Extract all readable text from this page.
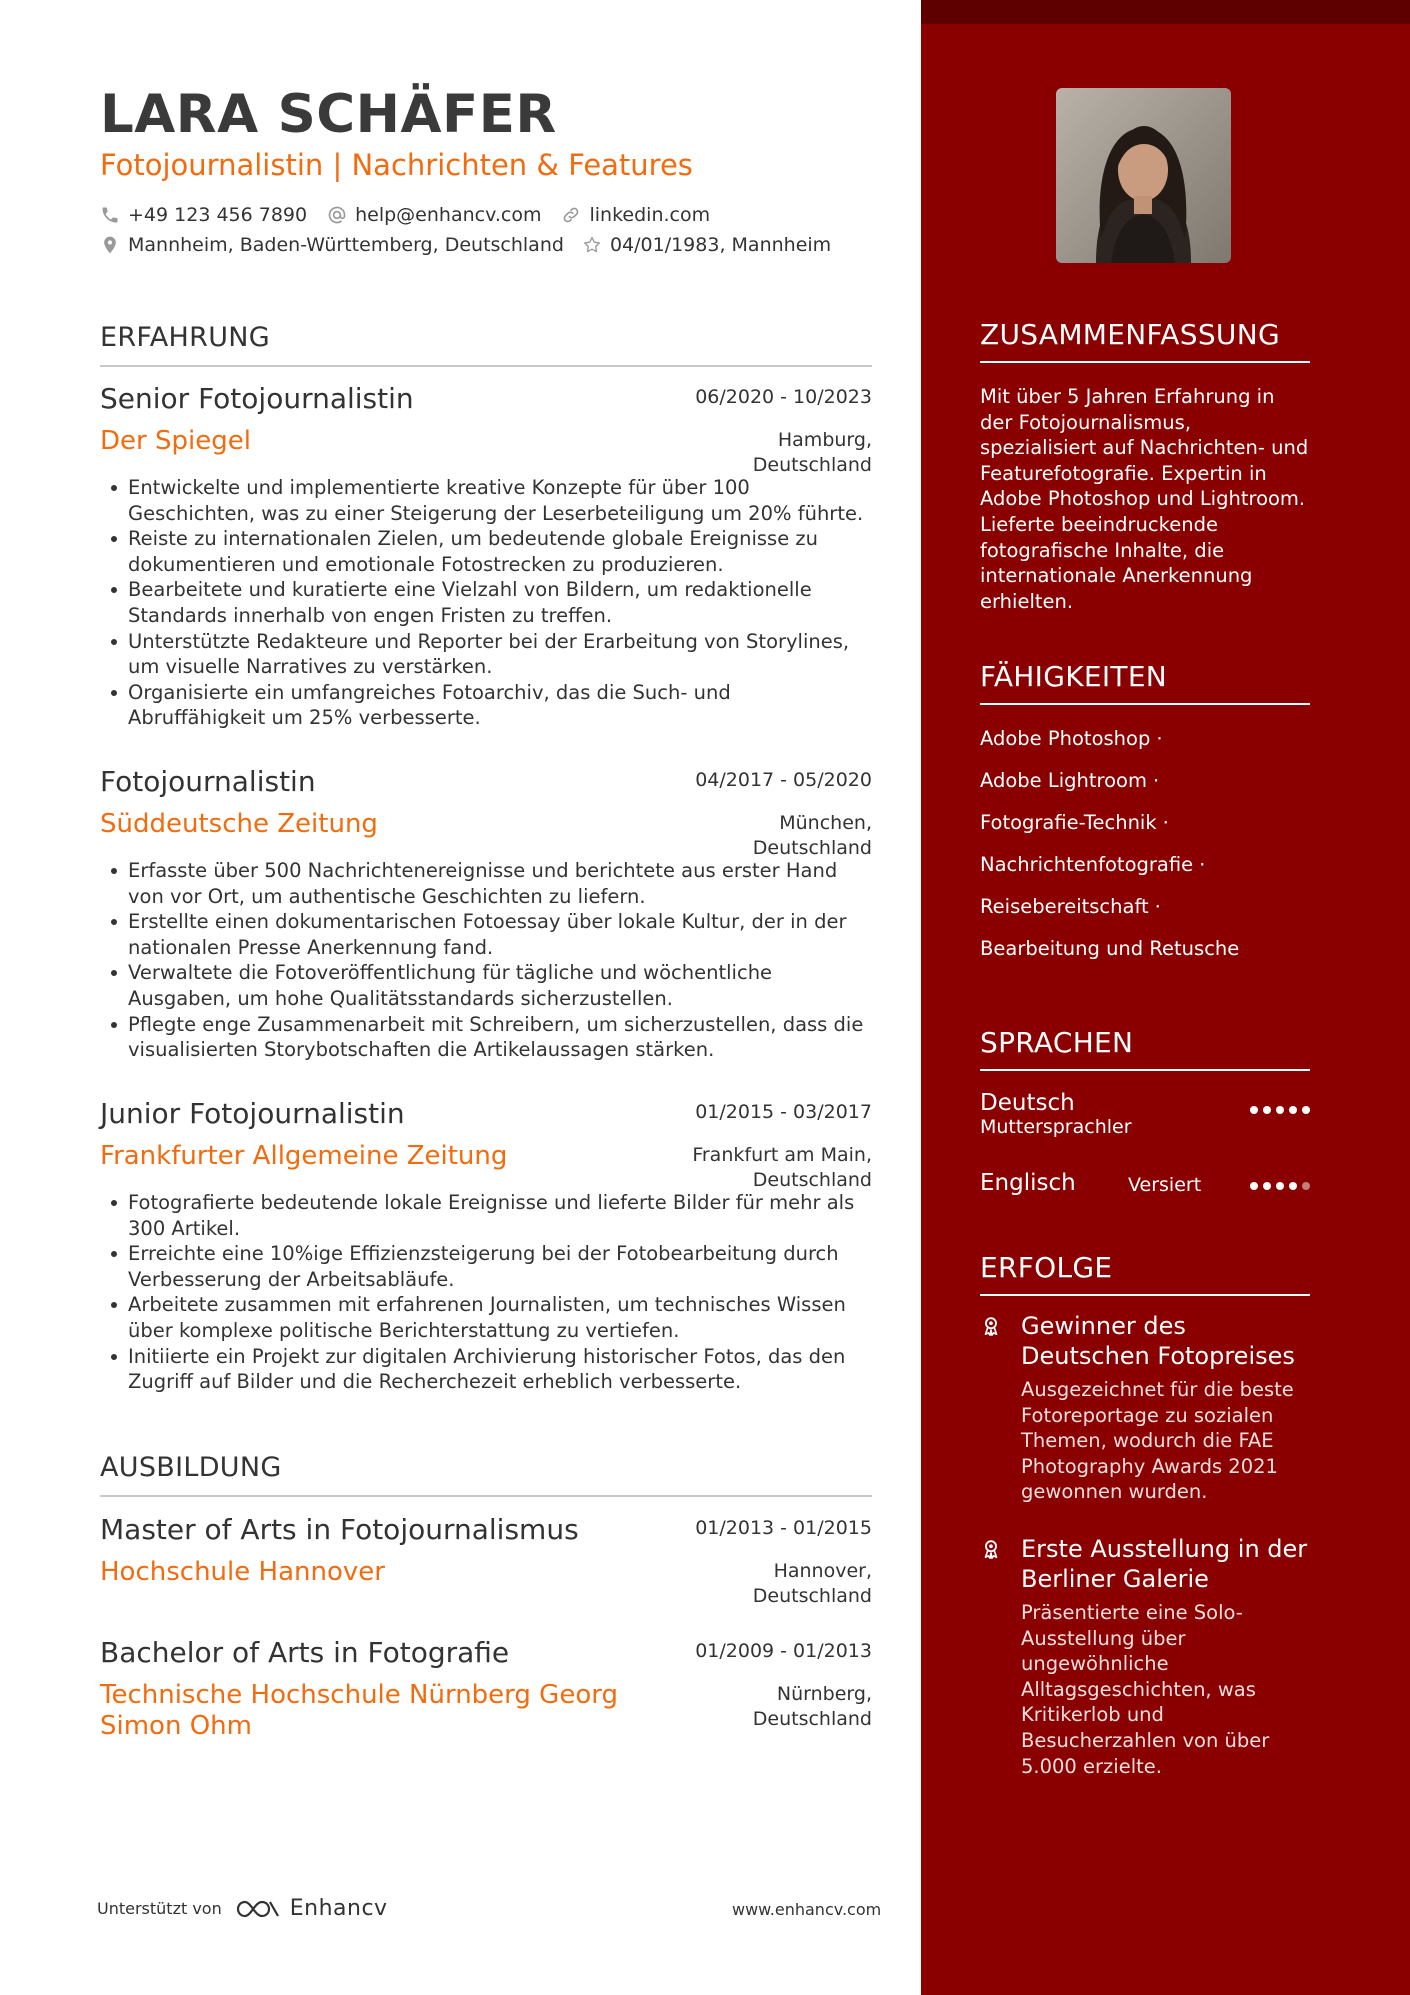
LARA SCHÄFER
Fotojournalistin | Nachrichten & Features
+49 123 456 7890	help@enhancv.com	linkedin.com
Mannheim, Baden-Württemberg, Deutschland 04/01/1983, Mannheim
ERFAHRUNG
Senior Fotojournalistin	06/2020 - 10/2023
Der Spiegel	Hamburg,
Deutschland
Entwickelte und implementierte kreative Konzepte für über 100 Geschichten, was zu einer Steigerung der Leserbeteiligung um 20% führte.
Reiste zu internationalen Zielen, um bedeutende globale Ereignisse zu dokumentieren und emotionale Fotostrecken zu produzieren.
Bearbeitete und kuratierte eine Vielzahl von Bildern, um redaktionelle Standards innerhalb von engen Fristen zu treffen.
Unterstützte Redakteure und Reporter bei der Erarbeitung von Storylines, um visuelle Narratives zu verstärken.
Organisierte ein umfangreiches Fotoarchiv, das die Such- und Abruffähigkeit um 25% verbesserte.
Fotojournalistin	04/2017 - 05/2020
Süddeutsche Zeitung	München,
Deutschland
Erfasste über 500 Nachrichtenereignisse und berichtete aus erster Hand von vor Ort, um authentische Geschichten zu liefern.
Erstellte einen dokumentarischen Fotoessay über lokale Kultur, der in der nationalen Presse Anerkennung fand.
Verwaltete die Fotoveröffentlichung für tägliche und wöchentliche Ausgaben, um hohe Qualitätsstandards sicherzustellen.
Pflegte enge Zusammenarbeit mit Schreibern, um sicherzustellen, dass die visualisierten Storybotschaften die Artikelaussagen stärken.
Junior Fotojournalistin	01/2015 - 03/2017
Frankfurter Allgemeine Zeitung	Frankfurt am Main,
Deutschland
Fotografierte bedeutende lokale Ereignisse und lieferte Bilder für mehr als 300 Artikel.
Erreichte eine 10%ige Effizienzsteigerung bei der Fotobearbeitung durch Verbesserung der Arbeitsabläufe.
Arbeitete zusammen mit erfahrenen Journalisten, um technisches Wissen über komplexe politische Berichterstattung zu vertiefen.
Initiierte ein Projekt zur digitalen Archivierung historischer Fotos, das den Zugriff auf Bilder und die Recherchezeit erheblich verbesserte.
AUSBILDUNG
Master of Arts in Fotojournalismus	01/2013 - 01/2015
Hochschule Hannover	Hannover,
Deutschland
Bachelor of Arts in Fotografie	01/2009 - 01/2013
Technische Hochschule Nürnberg Georg Simon Ohm
Nürnberg,
Deutschland
Unterstützt von	Enhancv	www.enhancv.com
ZUSAMMENFASSUNG
Mit über 5 Jahren Erfahrung in der Fotojournalismus, spezialisiert auf Nachrichten- und Featurefotografie. Expertin in Adobe Photoshop und Lightroom. Lieferte beeindruckende fotografische Inhalte, die internationale Anerkennung erhielten.
FÄHIGKEITEN
Adobe Photoshop ·
Adobe Lightroom ·
Fotografie-Technik ·
Nachrichtenfotografie ·
Reisebereitschaft ·
Bearbeitung und Retusche
SPRACHEN
Deutsch
Muttersprachler
Englisch	Versiert
ERFOLGE
Gewinner des Deutschen Fotopreises
Ausgezeichnet für die beste Fotoreportage zu sozialen Themen, wodurch die FAE Photography Awards 2021 gewonnen wurden.
Erste Ausstellung in der Berliner Galerie
Präsentierte eine Solo-Ausstellung über ungewöhnliche Alltagsgeschichten, was Kritikerlob und Besucherzahlen von über 5.000 erzielte.
